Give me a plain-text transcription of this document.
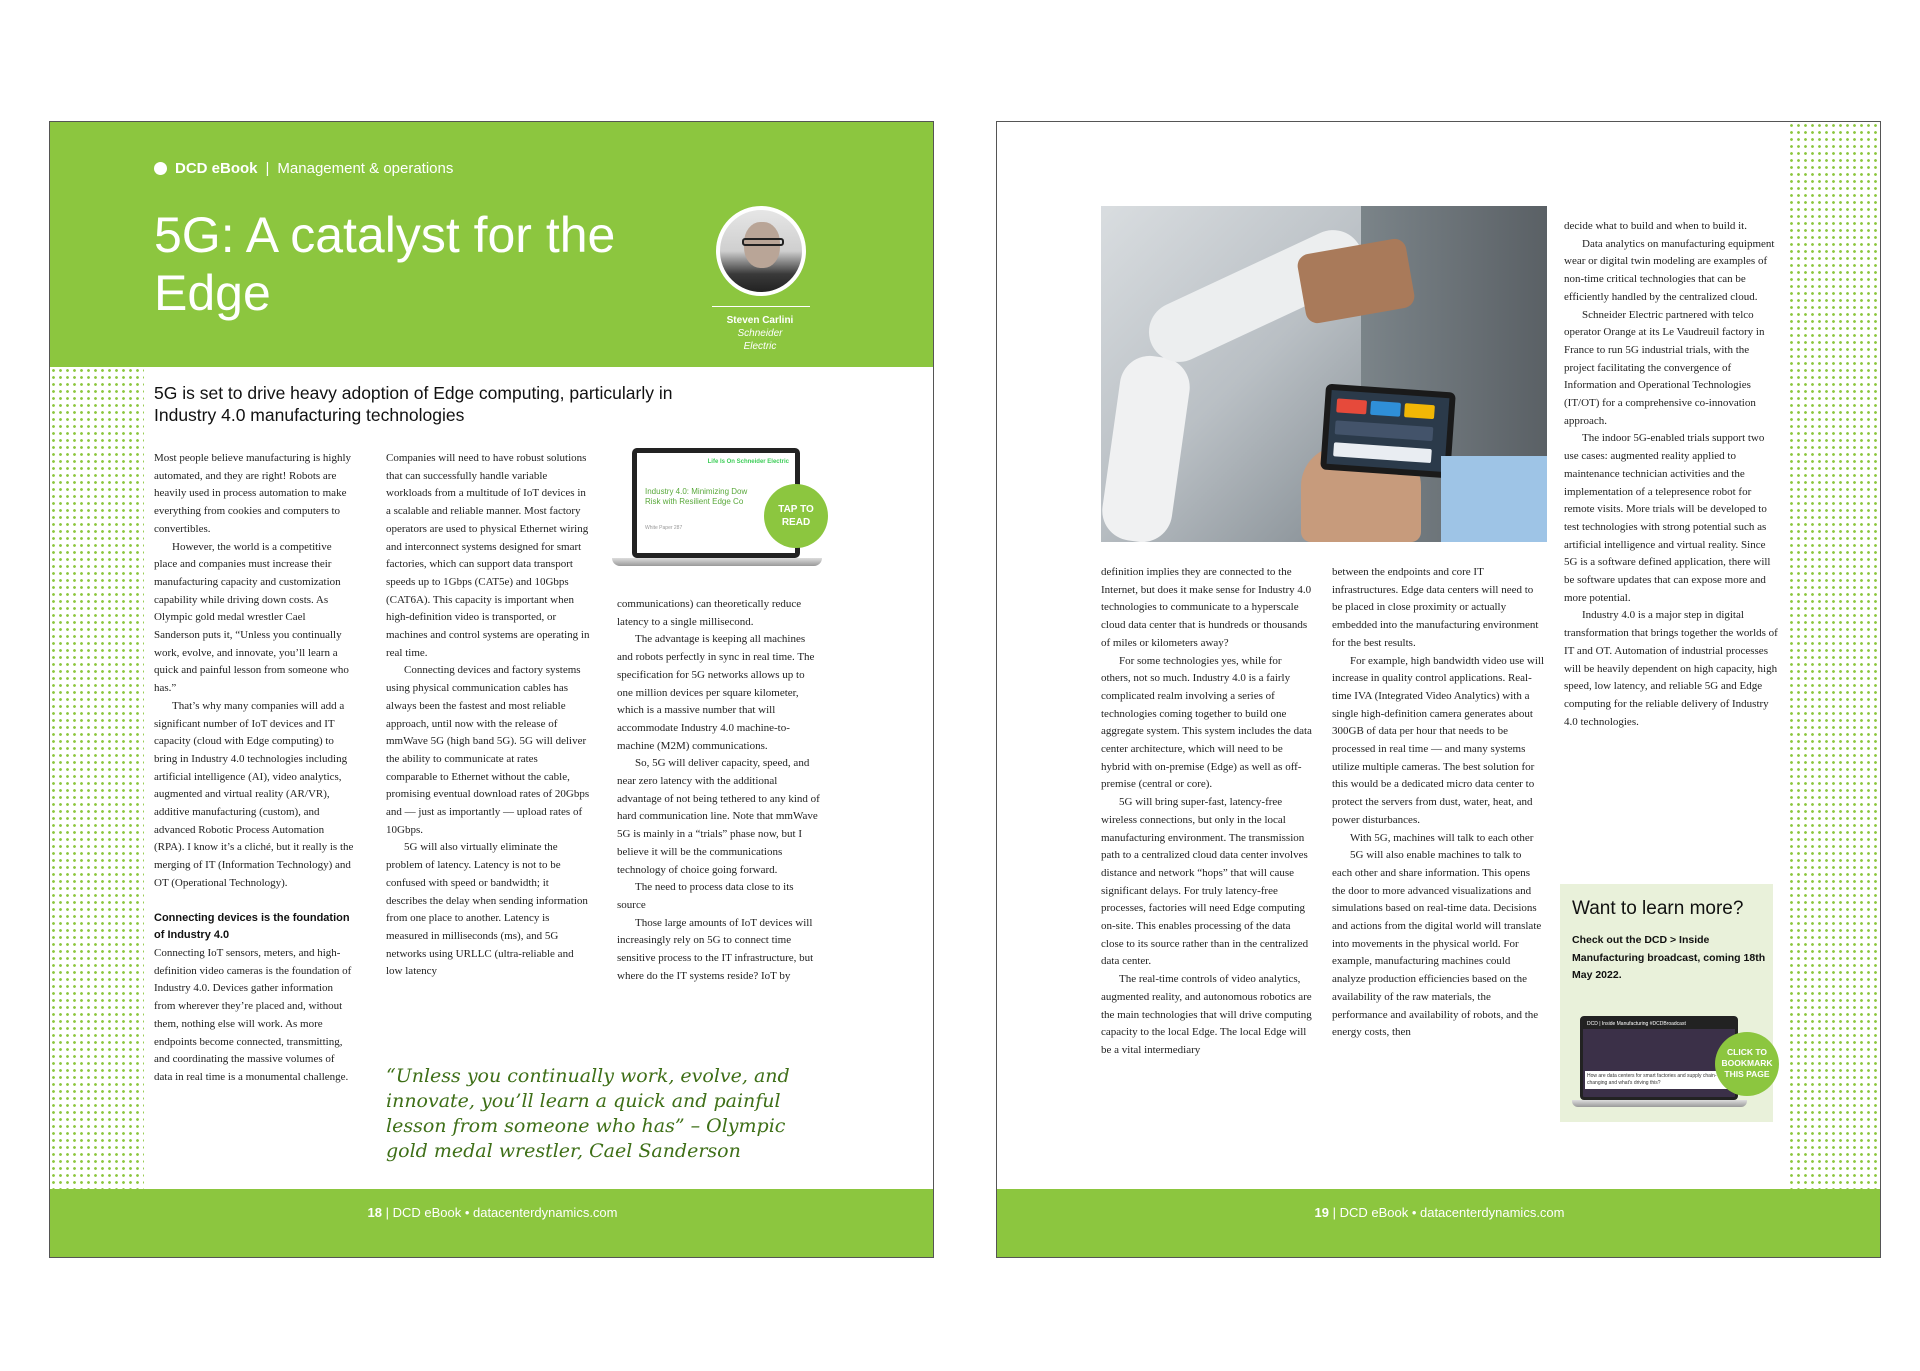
DCD eBook | Management & operations
5G: A catalyst for the Edge	Steven Carlini
Schneider
Electric
5G is set to drive heavy adoption of Edge computing, particularly in Industry 4.0 manufacturing technologies

Most people believe manufacturing is highly automated, and they are right! Robots are heavily used in process automation to make everything from cookies and computers to convertibles.

However, the world is a competitive place and companies must increase their manufacturing capacity and customization capability while driving down costs. As Olympic gold medal wrestler Cael Sanderson puts it, “Unless you continually work, evolve, and innovate, you’ll learn a quick and painful lesson from someone who has.”

That’s why many companies will add a significant number of IoT devices and IT capacity (cloud with Edge computing) to bring in Industry 4.0 technologies including artificial intelligence (AI), video analytics, augmented and virtual reality (AR/VR), additive manufacturing (custom), and advanced Robotic Process Automation (RPA). I know it’s a cliché, but it really is the merging of IT (Information Technology) and OT (Operational Technology).

Connecting devices is the foundation of Industry 4.0

Connecting IoT sensors, meters, and high-definition video cameras is the foundation of Industry 4.0. Devices gather information from wherever they’re placed and, without them, nothing else will work. As more endpoints become connected, transmitting, and coordinating the massive volumes of data in real time is a monumental challenge.

Companies will need to have robust solutions that can successfully handle variable workloads from a multitude of IoT devices in a scalable and reliable manner. Most factory operators are used to physical Ethernet wiring and interconnect systems designed for smart factories, which can support data transport speeds up to 1Gbps (CAT5e) and 10Gbps (CAT6A). This capacity is important when high-definition video is transported, or machines and control systems are operating in real time.

Connecting devices and factory systems using physical communication cables has always been the fastest and most reliable approach, until now with the release of mmWave 5G (high band 5G). 5G will deliver the ability to communicate at rates comparable to Ethernet without the cable, promising eventual download rates of 20Gbps and — just as importantly — upload rates of 10Gbps.

5G will also virtually eliminate the problem of latency. Latency is not to be confused with speed or bandwidth; it describes the delay when sending information from one place to another. Latency is measured in milliseconds (ms), and 5G networks using URLLC (ultra-reliable and low latency

Life Is On Schneider Electric
Industry 4.0: Minimizing Dow Risk with Resilient Edge Co
White Paper 287
TAP TO READ

communications) can theoretically reduce latency to a single millisecond.

The advantage is keeping all machines and robots perfectly in sync in real time. The specification for 5G networks allows up to one million devices per square kilometer, which is a massive number that will accommodate Industry 4.0 machine-to-machine (M2M) communications.

So, 5G will deliver capacity, speed, and near zero latency with the additional advantage of not being tethered to any kind of hard communication line. Note that mmWave 5G is mainly in a “trials” phase now, but I believe it will be the communications technology of choice going forward.

The need to process data close to its source

Those large amounts of IoT devices will increasingly rely on 5G to connect time sensitive process to the IT infrastructure, but where do the IT systems reside? IoT by

“Unless you continually work, evolve, and innovate, you’ll learn a quick and painful lesson from someone who has” – Olympic gold medal wrestler, Cael Sanderson
18 | DCD eBook • datacenterdynamics.com

definition implies they are connected to the Internet, but does it make sense for Industry 4.0 technologies to communicate to a hyperscale cloud data center that is hundreds or thousands of miles or kilometers away?

For some technologies yes, while for others, not so much. Industry 4.0 is a fairly complicated realm involving a series of technologies coming together to build one aggregate system. This system includes the data center architecture, which will need to be hybrid with on-premise (Edge) as well as off-premise (central or core).

5G will bring super-fast, latency-free wireless connections, but only in the local manufacturing environment. The transmission path to a centralized cloud data center involves distance and network “hops” that will cause significant delays. For truly latency-free processes, factories will need Edge computing on-site. This enables processing of the data close to its source rather than in the centralized data center.

The real-time controls of video analytics, augmented reality, and autonomous robotics are the main technologies that will drive computing capacity to the local Edge. The local Edge will be a vital intermediary

between the endpoints and core IT infrastructures. Edge data centers will need to be placed in close proximity or actually embedded into the manufacturing environment for the best results.

For example, high bandwidth video use will increase in quality control applications. Real-time IVA (Integrated Video Analytics) with a single high-definition camera generates about 300GB of data per hour that needs to be processed in real time — and many systems utilize multiple cameras. The best solution for this would be a dedicated micro data center to protect the servers from dust, water, heat, and power disturbances.

With 5G, machines will talk to each other

5G will also enable machines to talk to each other and share information. This opens the door to more advanced visualizations and simulations based on real-time data. Decisions and actions from the digital world will translate into movements in the physical world. For example, manufacturing machines could analyze production efficiencies based on the availability of the raw materials, the performance and availability of robots, and the energy costs, then

decide what to build and when to build it.

Data analytics on manufacturing equipment wear or digital twin modeling are examples of non-time critical technologies that can be efficiently handled by the centralized cloud.

Schneider Electric partnered with telco operator Orange at its Le Vaudreuil factory in France to run 5G industrial trials, with the project facilitating the convergence of Information and Operational Technologies (IT/OT) for a comprehensive co-innovation approach.

The indoor 5G-enabled trials support two use cases: augmented reality applied to maintenance technician activities and the implementation of a telepresence robot for remote visits. More trials will be developed to test technologies with strong potential such as artificial intelligence and virtual reality. Since 5G is a software defined application, there will be software updates that can expose more and more potential.

Industry 4.0 is a major step in digital transformation that brings together the worlds of IT and OT. Automation of industrial processes will be heavily dependent on high capacity, high speed, low latency, and reliable 5G and Edge computing for the reliable delivery of Industry 4.0 technologies.

Want to learn more?
Check out the DCD > Inside Manufacturing broadcast, coming 18th May 2022.
DCD | Inside Manufacturing #DCDBroadcast
How are data centers for smart factories and supply chain-changing and what's driving this?
CLICK TO BOOKMARK THIS PAGE
19 | DCD eBook • datacenterdynamics.com
